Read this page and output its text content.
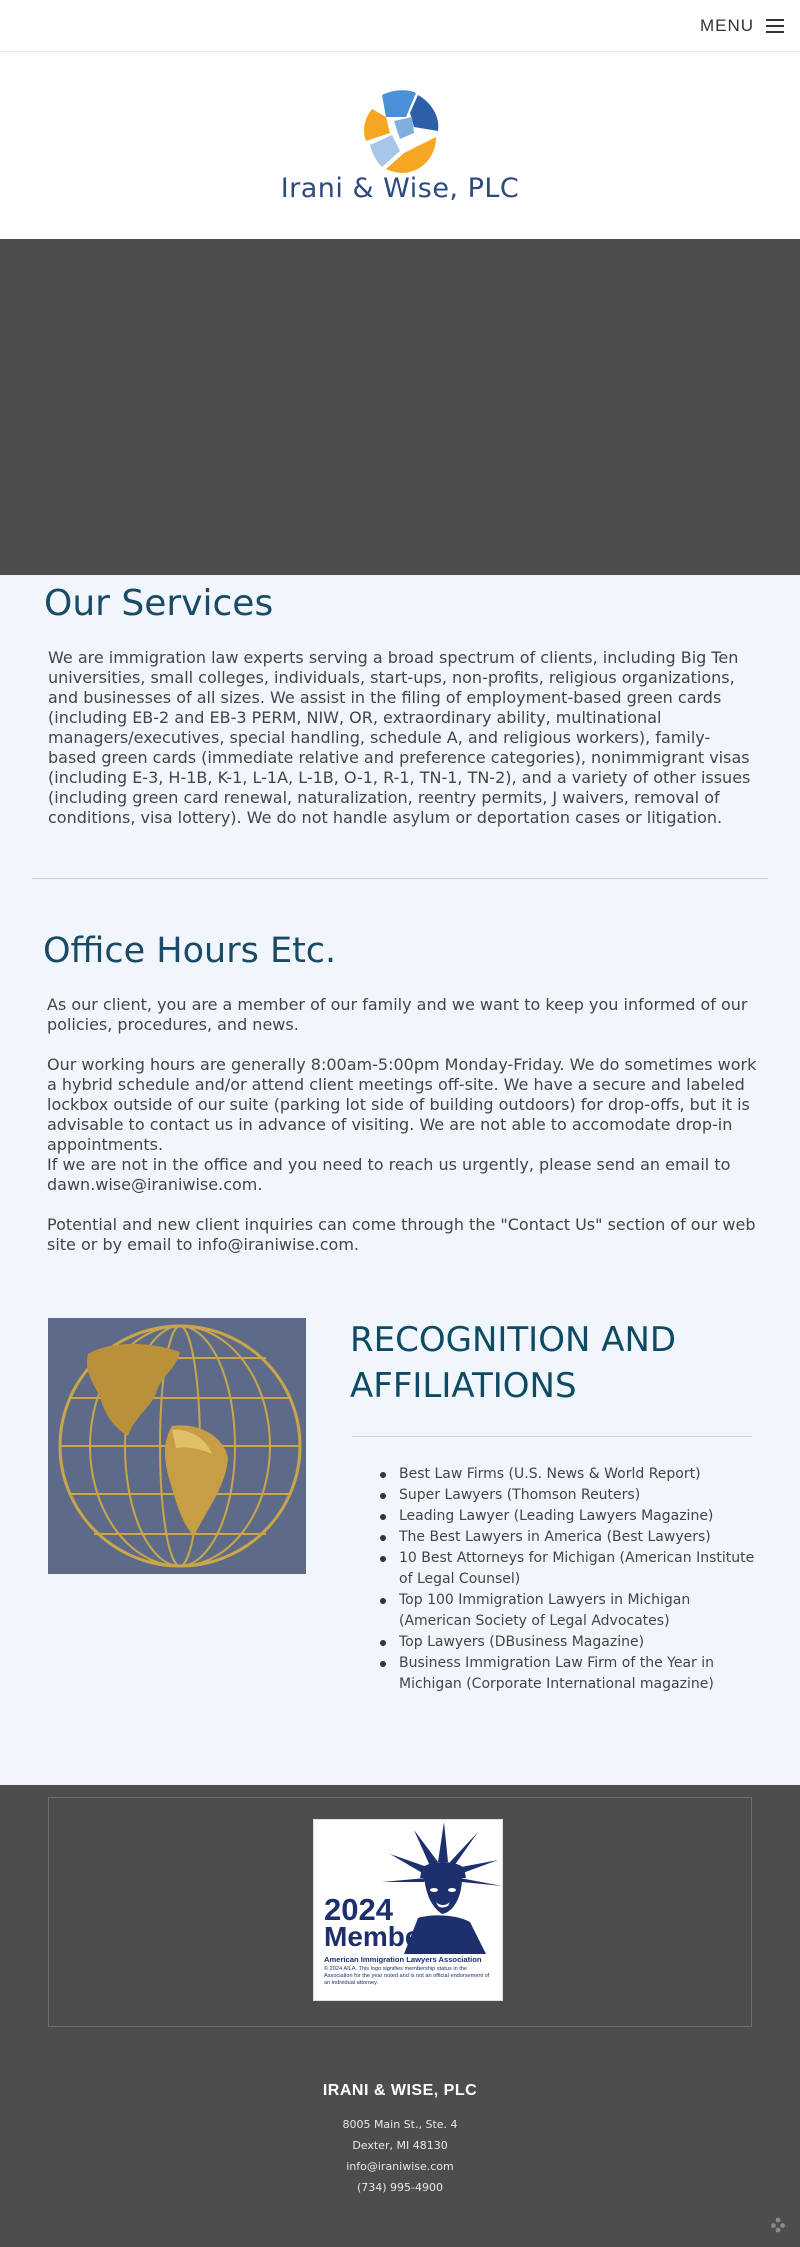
MENU
Irani & Wise, PLC
Our Services

We are immigration law experts serving a broad spectrum of clients, including Big Ten universities, small colleges, individuals, start-ups, non-profits, religious organizations, and businesses of all sizes. We assist in the filing of employment-based green cards (including EB-2 and EB-3 PERM, NIW, OR, extraordinary ability, multinational managers/executives, special handling, schedule A, and religious workers), family-based green cards (immediate relative and preference categories), nonimmigrant visas (including E-3, H-1B, K-1, L-1A, L-1B, O-1, R-1, TN-1, TN-2), and a variety of other issues (including green card renewal, naturalization, reentry permits, J waivers, removal of conditions, visa lottery). We do not handle asylum or deportation cases or litigation.

Office Hours Etc.

As our client, you are a member of our family and we want to keep you informed of our policies, procedures, and news.

Our working hours are generally 8:00am-5:00pm Monday-Friday. We do sometimes work a hybrid schedule and/or attend client meetings off-site. We have a secure and labeled lockbox outside of our suite (parking lot side of building outdoors) for drop-offs, but it is advisable to contact us in advance of visiting. We are not able to accomodate drop-in appointments.

If we are not in the office and you need to reach us urgently, please send an email to dawn.wise@iraniwise.com.

Potential and new client inquiries can come through the "Contact Us" section of our web site or by email to info@iraniwise.com.

RECOGNITION AND AFFILIATIONS
Best Law Firms (U.S. News & World Report)
Super Lawyers (Thomson Reuters)
Leading Lawyer (Leading Lawyers Magazine)
The Best Lawyers in America (Best Lawyers)
10 Best Attorneys for Michigan (American Institute of Legal Counsel)
Top 100 Immigration Lawyers in Michigan (American Society of Legal Advocates)
Top Lawyers (DBusiness Magazine)
Business Immigration Law Firm of the Year in Michigan (Corporate International magazine)
2024
Member
American Immigration Lawyers Association
© 2024 AILA. This logo signifies membership status in the Association for the year noted and is not an official endorsement of an individual attorney.
IRANI & WISE, PLC
8005 Main St., Ste. 4
Dexter, MI 48130
info@iraniwise.com
(734) 995-4900
